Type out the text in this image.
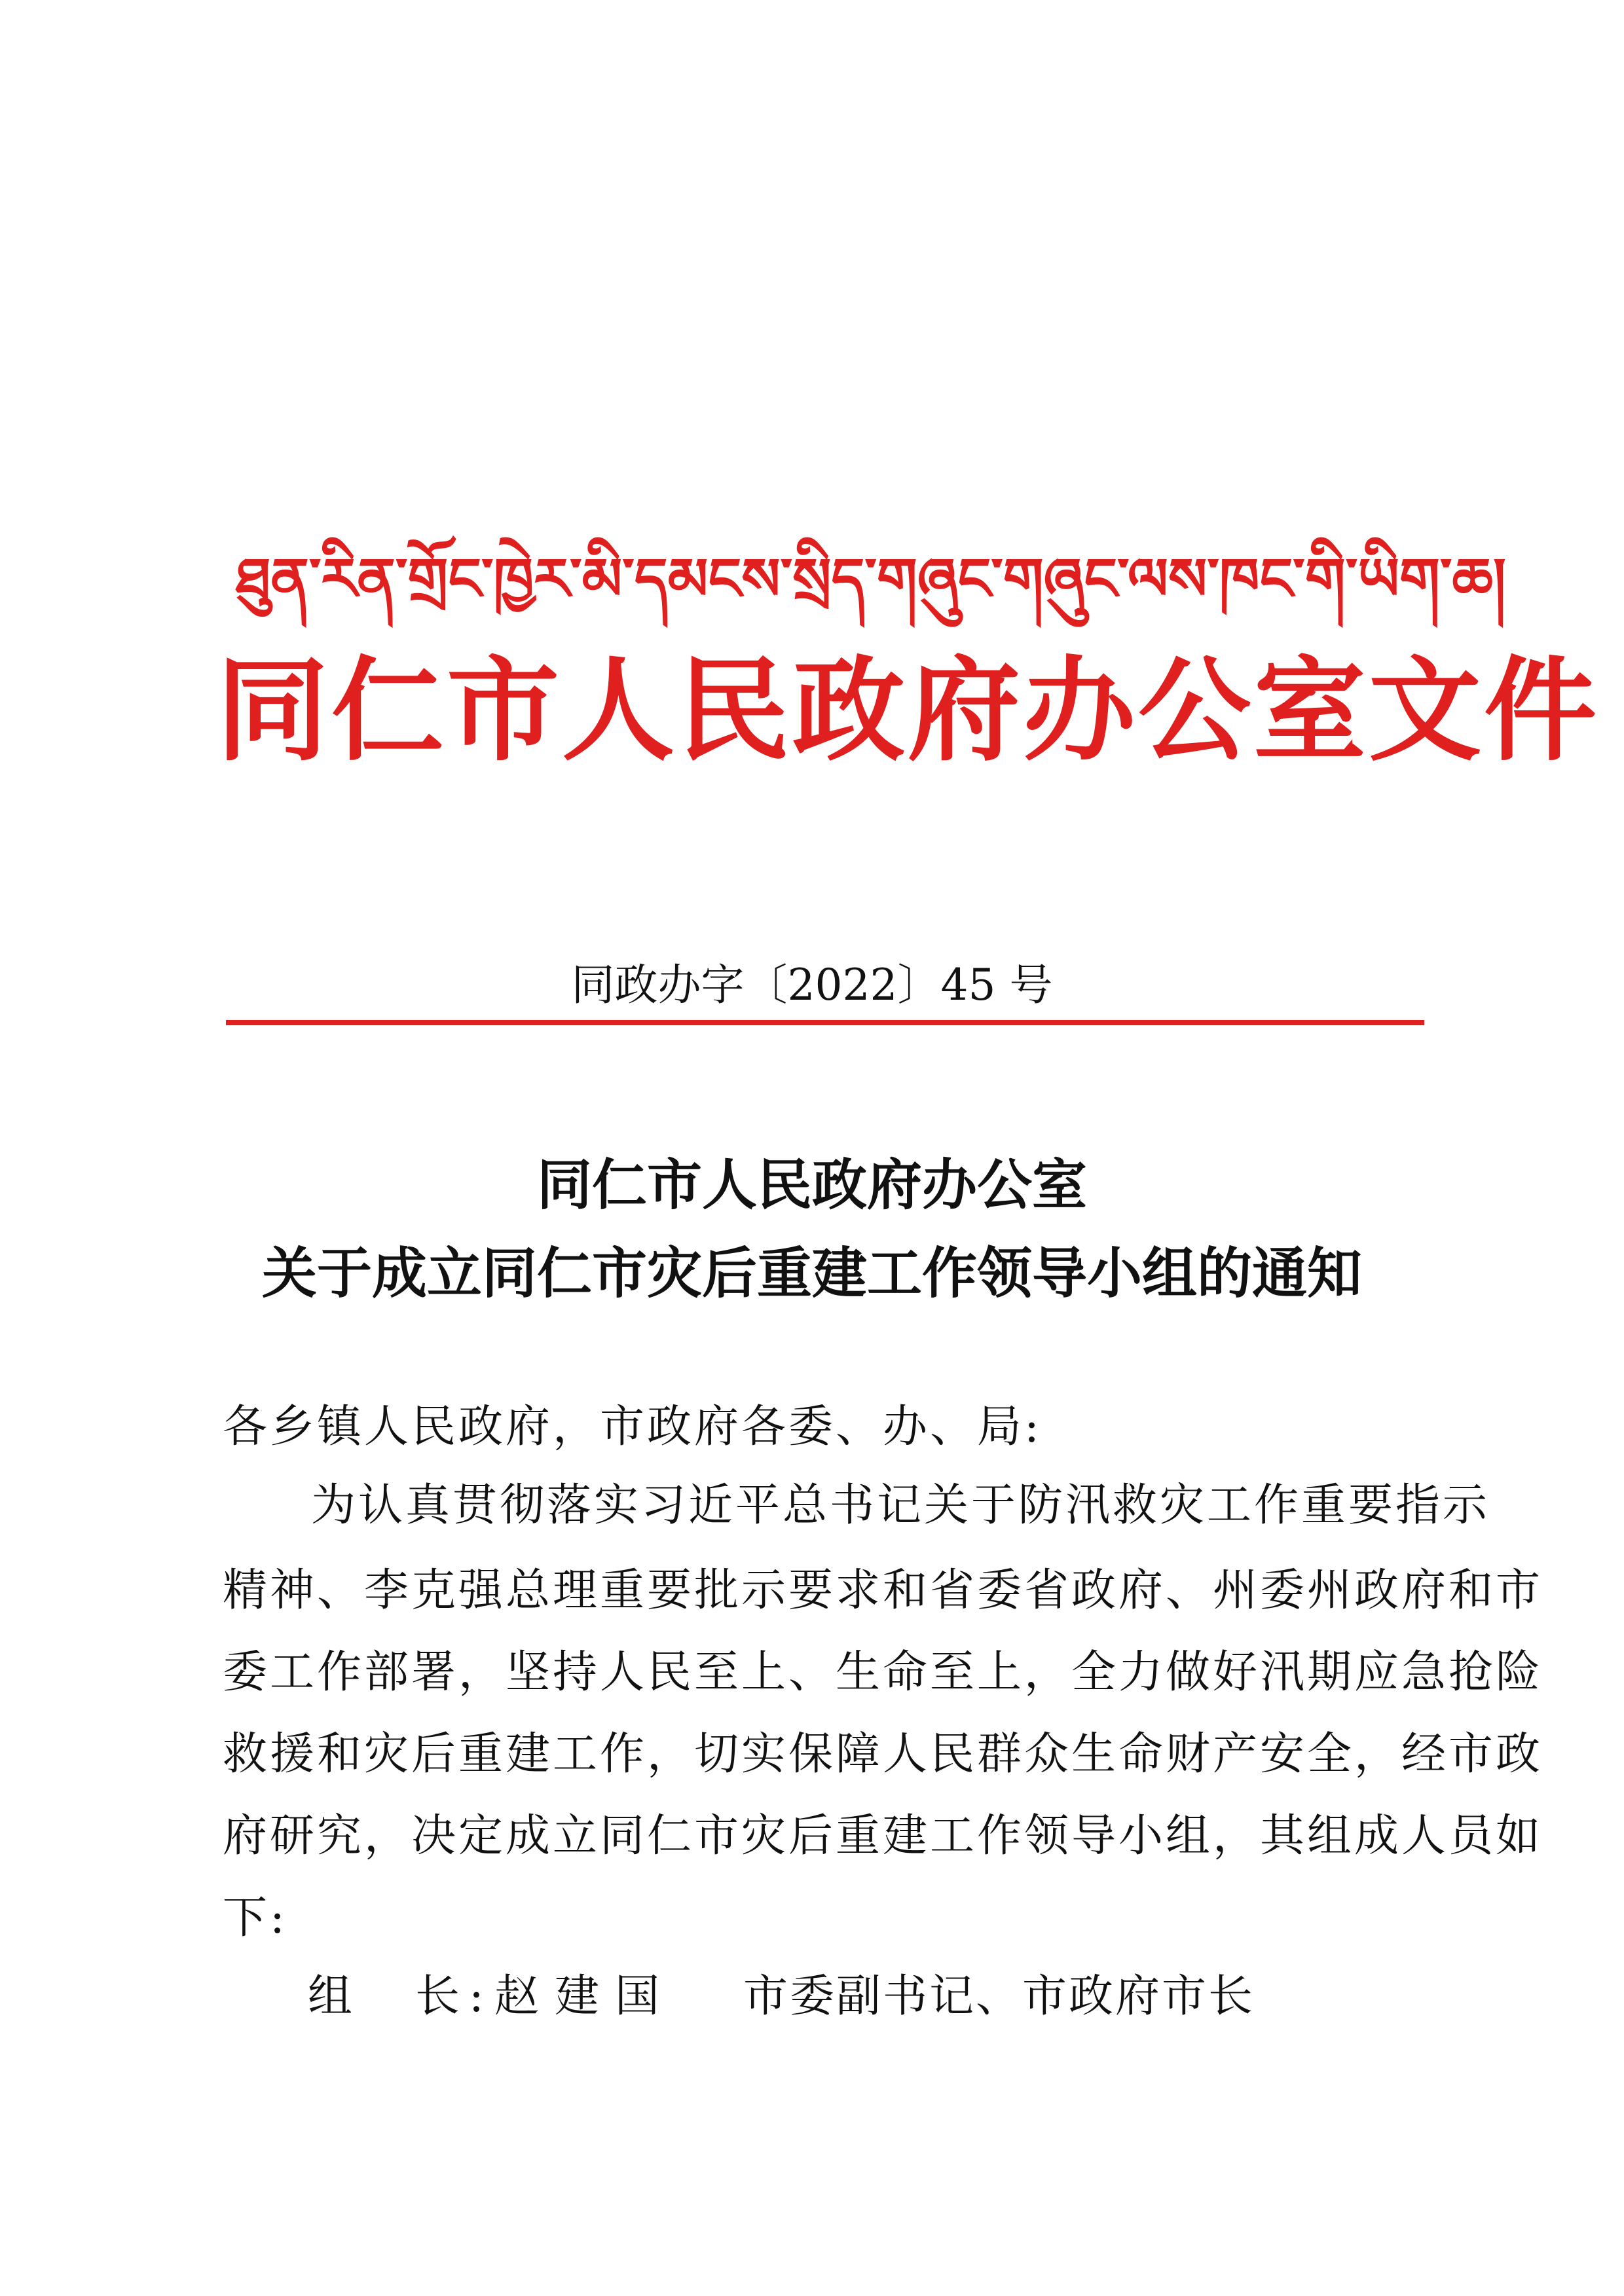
ཐུན་རིན་གྲོང་ཁྱེར་མི་དམངས་སྲིད་གཞུང་གཞུང་ལས་ཁང་གི་ཡིག་ཆ།
同仁市人民政府办公室文件
同政办字〔2022〕45 号
同仁市人民政府办公室
关于成立同仁市灾后重建工作领导小组的通知
各乡镇人民政府，市政府各委、办、局:
为认真贯彻落实习近平总书记关于防汛救灾工作重要指示
精神、李克强总理重要批示要求和省委省政府、州委州政府和市
委工作部署，坚持人民至上、生命至上，全力做好汛期应急抢险
救援和灾后重建工作，切实保障人民群众生命财产安全，经市政
府研究，决定成立同仁市灾后重建工作领导小组，其组成人员如
下:
组　长: 赵建国	市委副书记、市政府市长
